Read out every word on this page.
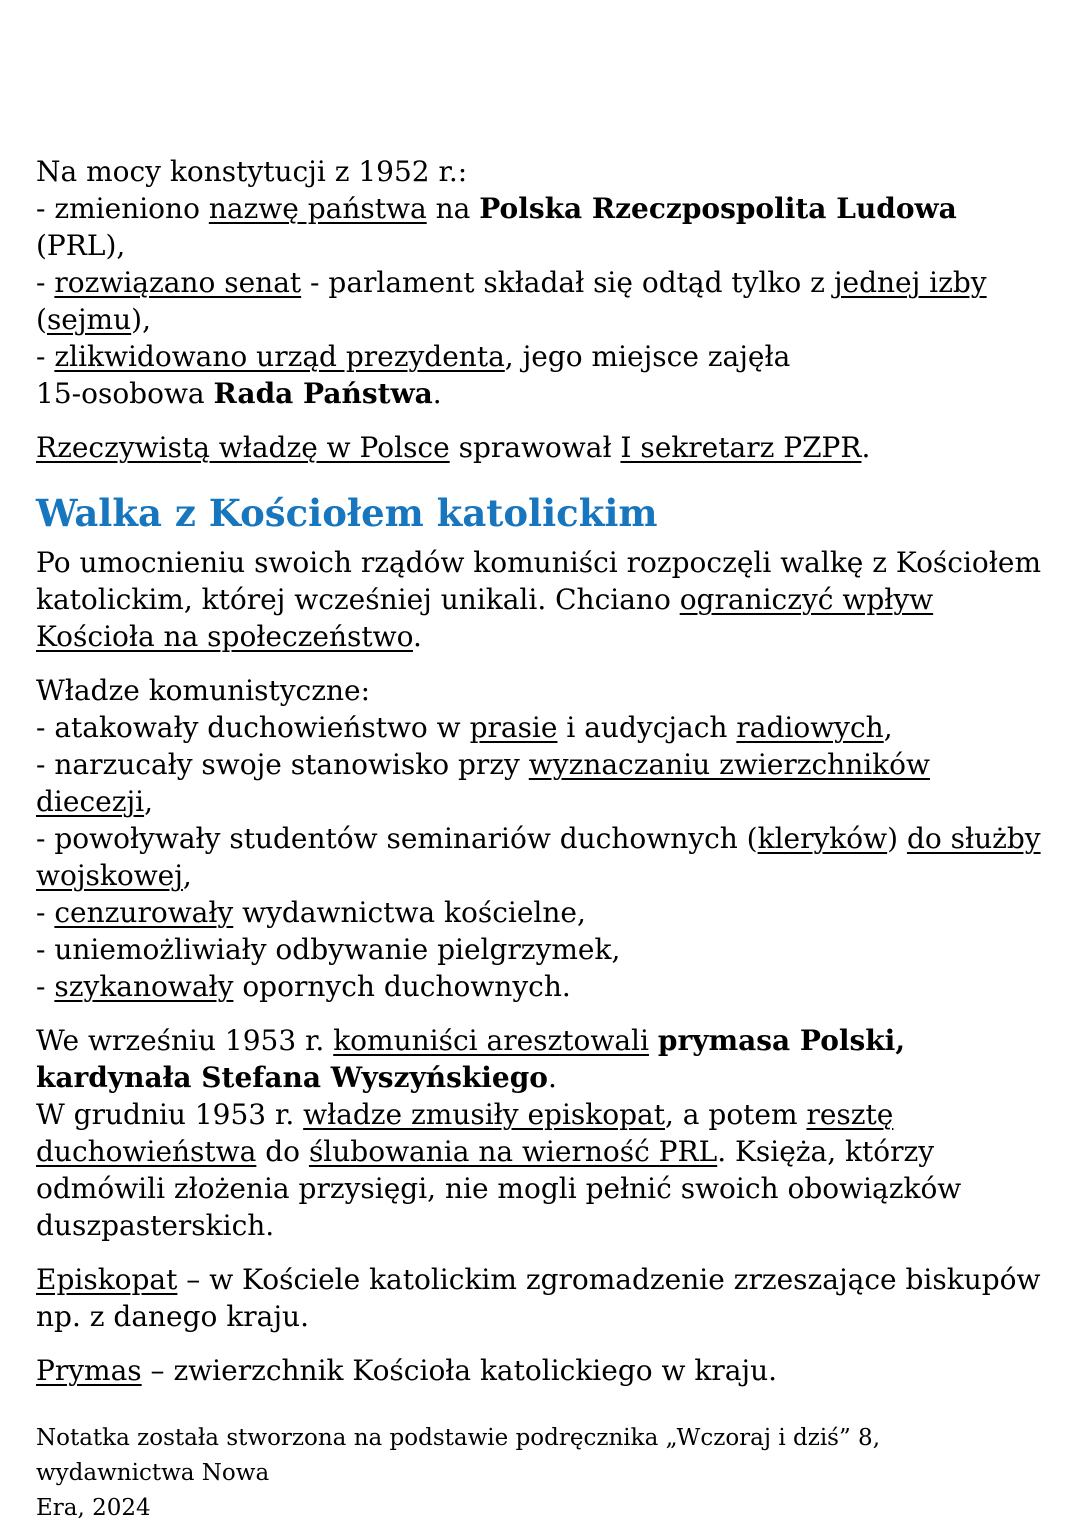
Na mocy konstytucji z 1952 r.:
- zmieniono nazwę państwa na Polska Rzeczpospolita Ludowa (PRL),
- rozwiązano senat - parlament składał się odtąd tylko z jednej izby
(sejmu),
- zlikwidowano urząd prezydenta, jego miejsce zajęła
15-osobowa Rada Państwa.

Rzeczywistą władzę w Polsce sprawował I sekretarz PZPR.

Walka z Kościołem katolickim

Po umocnieniu swoich rządów komuniści rozpoczęli walkę z Kościołem
katolickim, której wcześniej unikali. Chciano ograniczyć wpływ
Kościoła na społeczeństwo.

Władze komunistyczne:
- atakowały duchowieństwo w prasie i audycjach radiowych,
- narzucały swoje stanowisko przy wyznaczaniu zwierzchników
diecezji,
- powoływały studentów seminariów duchownych (kleryków) do służby
wojskowej,
- cenzurowały wydawnictwa kościelne,
- uniemożliwiały odbywanie pielgrzymek,
- szykanowały opornych duchownych.

We wrześniu 1953 r. komuniści aresztowali prymasa Polski,
kardynała Stefana Wyszyńskiego.
W grudniu 1953 r. władze zmusiły episkopat, a potem resztę
duchowieństwa do ślubowania na wierność PRL. Księża, którzy
odmówili złożenia przysięgi, nie mogli pełnić swoich obowiązków
duszpasterskich.

Episkopat – w Kościele katolickim zgromadzenie zrzeszające biskupów
np. z danego kraju.

Prymas – zwierzchnik Kościoła katolickiego w kraju.

Notatka została stworzona na podstawie podręcznika „Wczoraj i dziś” 8, wydawnictwa Nowa
Era, 2024
